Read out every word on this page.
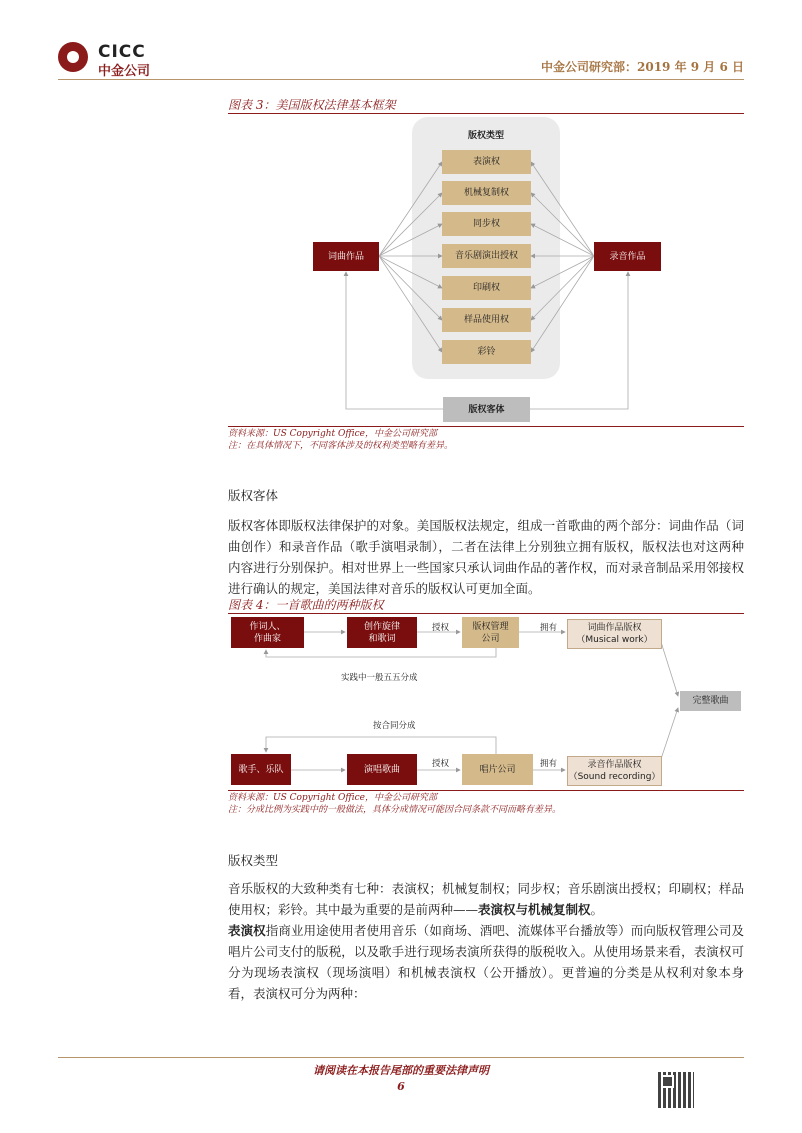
CICC
中金公司	中金公司研究部：2019 年 9 月 6 日
图表 3：美国版权法律基本框架
版权类型
表演权
机械复制权
同步权
音乐剧演出授权
印刷权
样品使用权
彩铃
词曲作品	录音作品
版权客体
资料来源：US Copyright Office，中金公司研究部
注：在具体情况下，不同客体涉及的权利类型略有差异。
版权客体
版权客体即版权法律保护的对象。美国版权法规定，组成一首歌曲的两个部分：词曲作品（词曲创作）和录音作品（歌手演唱录制），二者在法律上分别独立拥有版权，版权法也对这两种内容进行分别保护。相对世界上一些国家只承认词曲作品的著作权，而对录音制品采用邻接权进行确认的规定，美国法律对音乐的版权认可更加全面。
图表 4：一首歌曲的两种版权
作词人、
作曲家
创作旋律
和歌词
版权管理
公司
词曲作品版权
（Musical work）
授权	拥有
实践中一般五五分成
完整歌曲
按合同分成
授权	拥有
歌手、乐队	演唱歌曲	唱片公司	录音作品版权
（Sound recording）
资料来源：US Copyright Office，中金公司研究部
注：分成比例为实践中的一般做法，具体分成情况可能因合同条款不同而略有差异。
版权类型
音乐版权的大致种类有七种：表演权；机械复制权；同步权；音乐剧演出授权；印刷权；样品使用权；彩铃。其中最为重要的是前两种——表演权与机械复制权。
表演权指商业用途使用者使用音乐（如商场、酒吧、流媒体平台播放等）而向版权管理公司及唱片公司支付的版税，以及歌手进行现场表演所获得的版税收入。从使用场景来看，表演权可分为现场表演权（现场演唱）和机械表演权（公开播放）。更普遍的分类是从权利对象本身看，表演权可分为两种：
请阅读在本报告尾部的重要法律声明
6
